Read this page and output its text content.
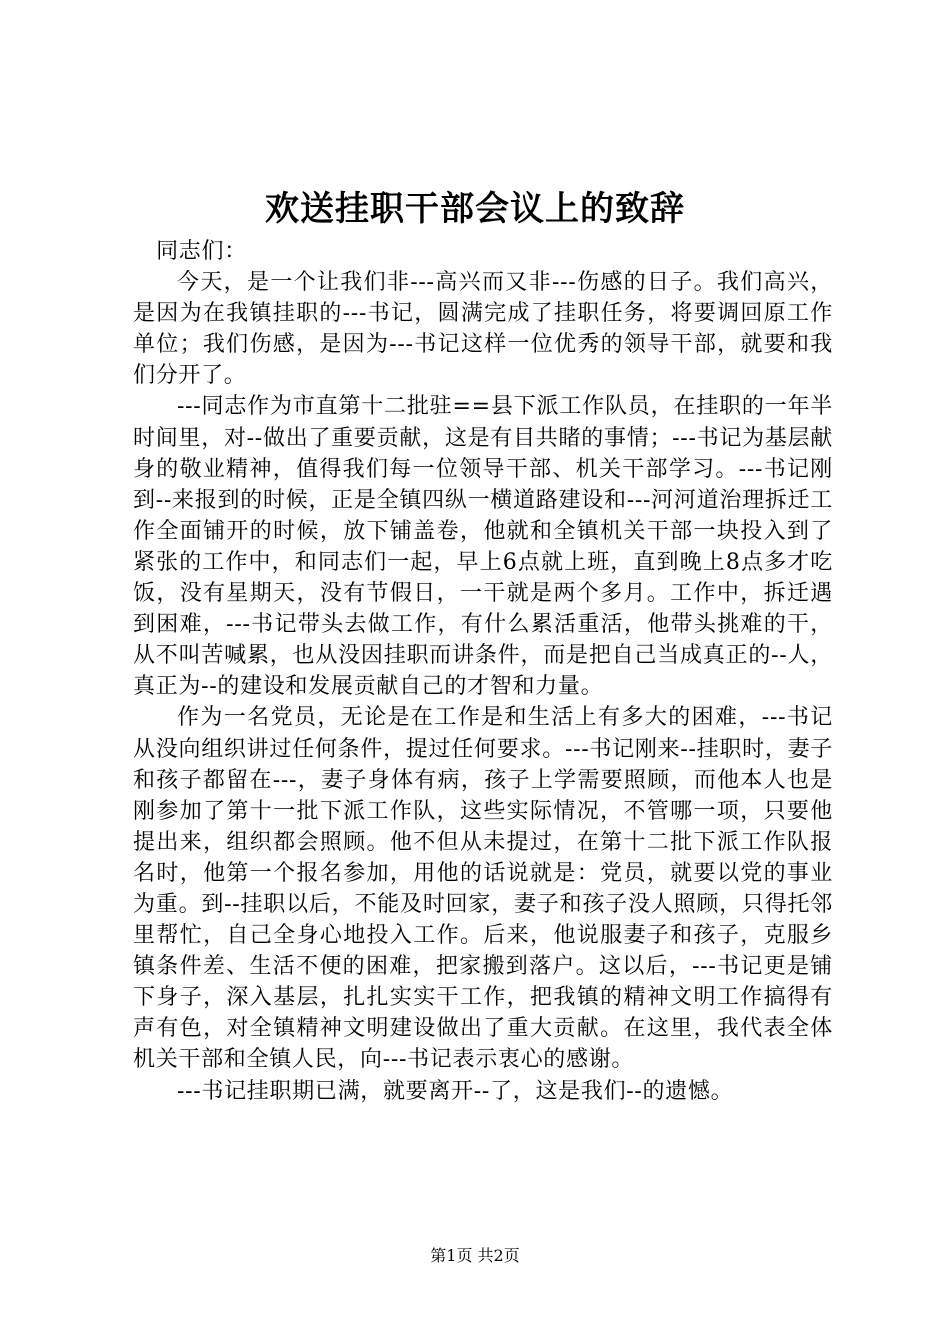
欢送挂职干部会议上的致辞

同志们：

今天，是一个让我们非---高兴而又非---伤感的日子。我们高兴，是因为在我镇挂职的---书记，圆满完成了挂职任务，将要调回原工作单位；我们伤感，是因为---书记这样一位优秀的领导干部，就要和我们分开了。

---同志作为市直第十二批驻==县下派工作队员，在挂职的一年半时间里，对--做出了重要贡献，这是有目共睹的事情；---书记为基层献身的敬业精神，值得我们每一位领导干部、机关干部学习。---书记刚到--来报到的时候，正是全镇四纵一横道路建设和---河河道治理拆迁工作全面铺开的时候，放下铺盖卷，他就和全镇机关干部一块投入到了紧张的工作中，和同志们一起，早上6点就上班，直到晚上8点多才吃饭，没有星期天，没有节假日，一干就是两个多月。工作中，拆迁遇到困难，---书记带头去做工作，有什么累活重活，他带头挑难的干，从不叫苦喊累，也从没因挂职而讲条件，而是把自己当成真正的--人，真正为--的建设和发展贡献自己的才智和力量。

作为一名党员，无论是在工作是和生活上有多大的困难，---书记从没向组织讲过任何条件，提过任何要求。---书记刚来--挂职时，妻子和孩子都留在---，妻子身体有病，孩子上学需要照顾，而他本人也是刚参加了第十一批下派工作队，这些实际情况，不管哪一项，只要他提出来，组织都会照顾。他不但从未提过，在第十二批下派工作队报名时，他第一个报名参加，用他的话说就是：党员，就要以党的事业为重。到--挂职以后，不能及时回家，妻子和孩子没人照顾，只得托邻里帮忙，自己全身心地投入工作。后来，他说服妻子和孩子，克服乡镇条件差、生活不便的困难，把家搬到落户。这以后，---书记更是铺下身子，深入基层，扎扎实实干工作，把我镇的精神文明工作搞得有声有色，对全镇精神文明建设做出了重大贡献。在这里，我代表全体机关干部和全镇人民，向---书记表示衷心的感谢。

---书记挂职期已满，就要离开--了，这是我们--的遗憾。

第1页 共2页
